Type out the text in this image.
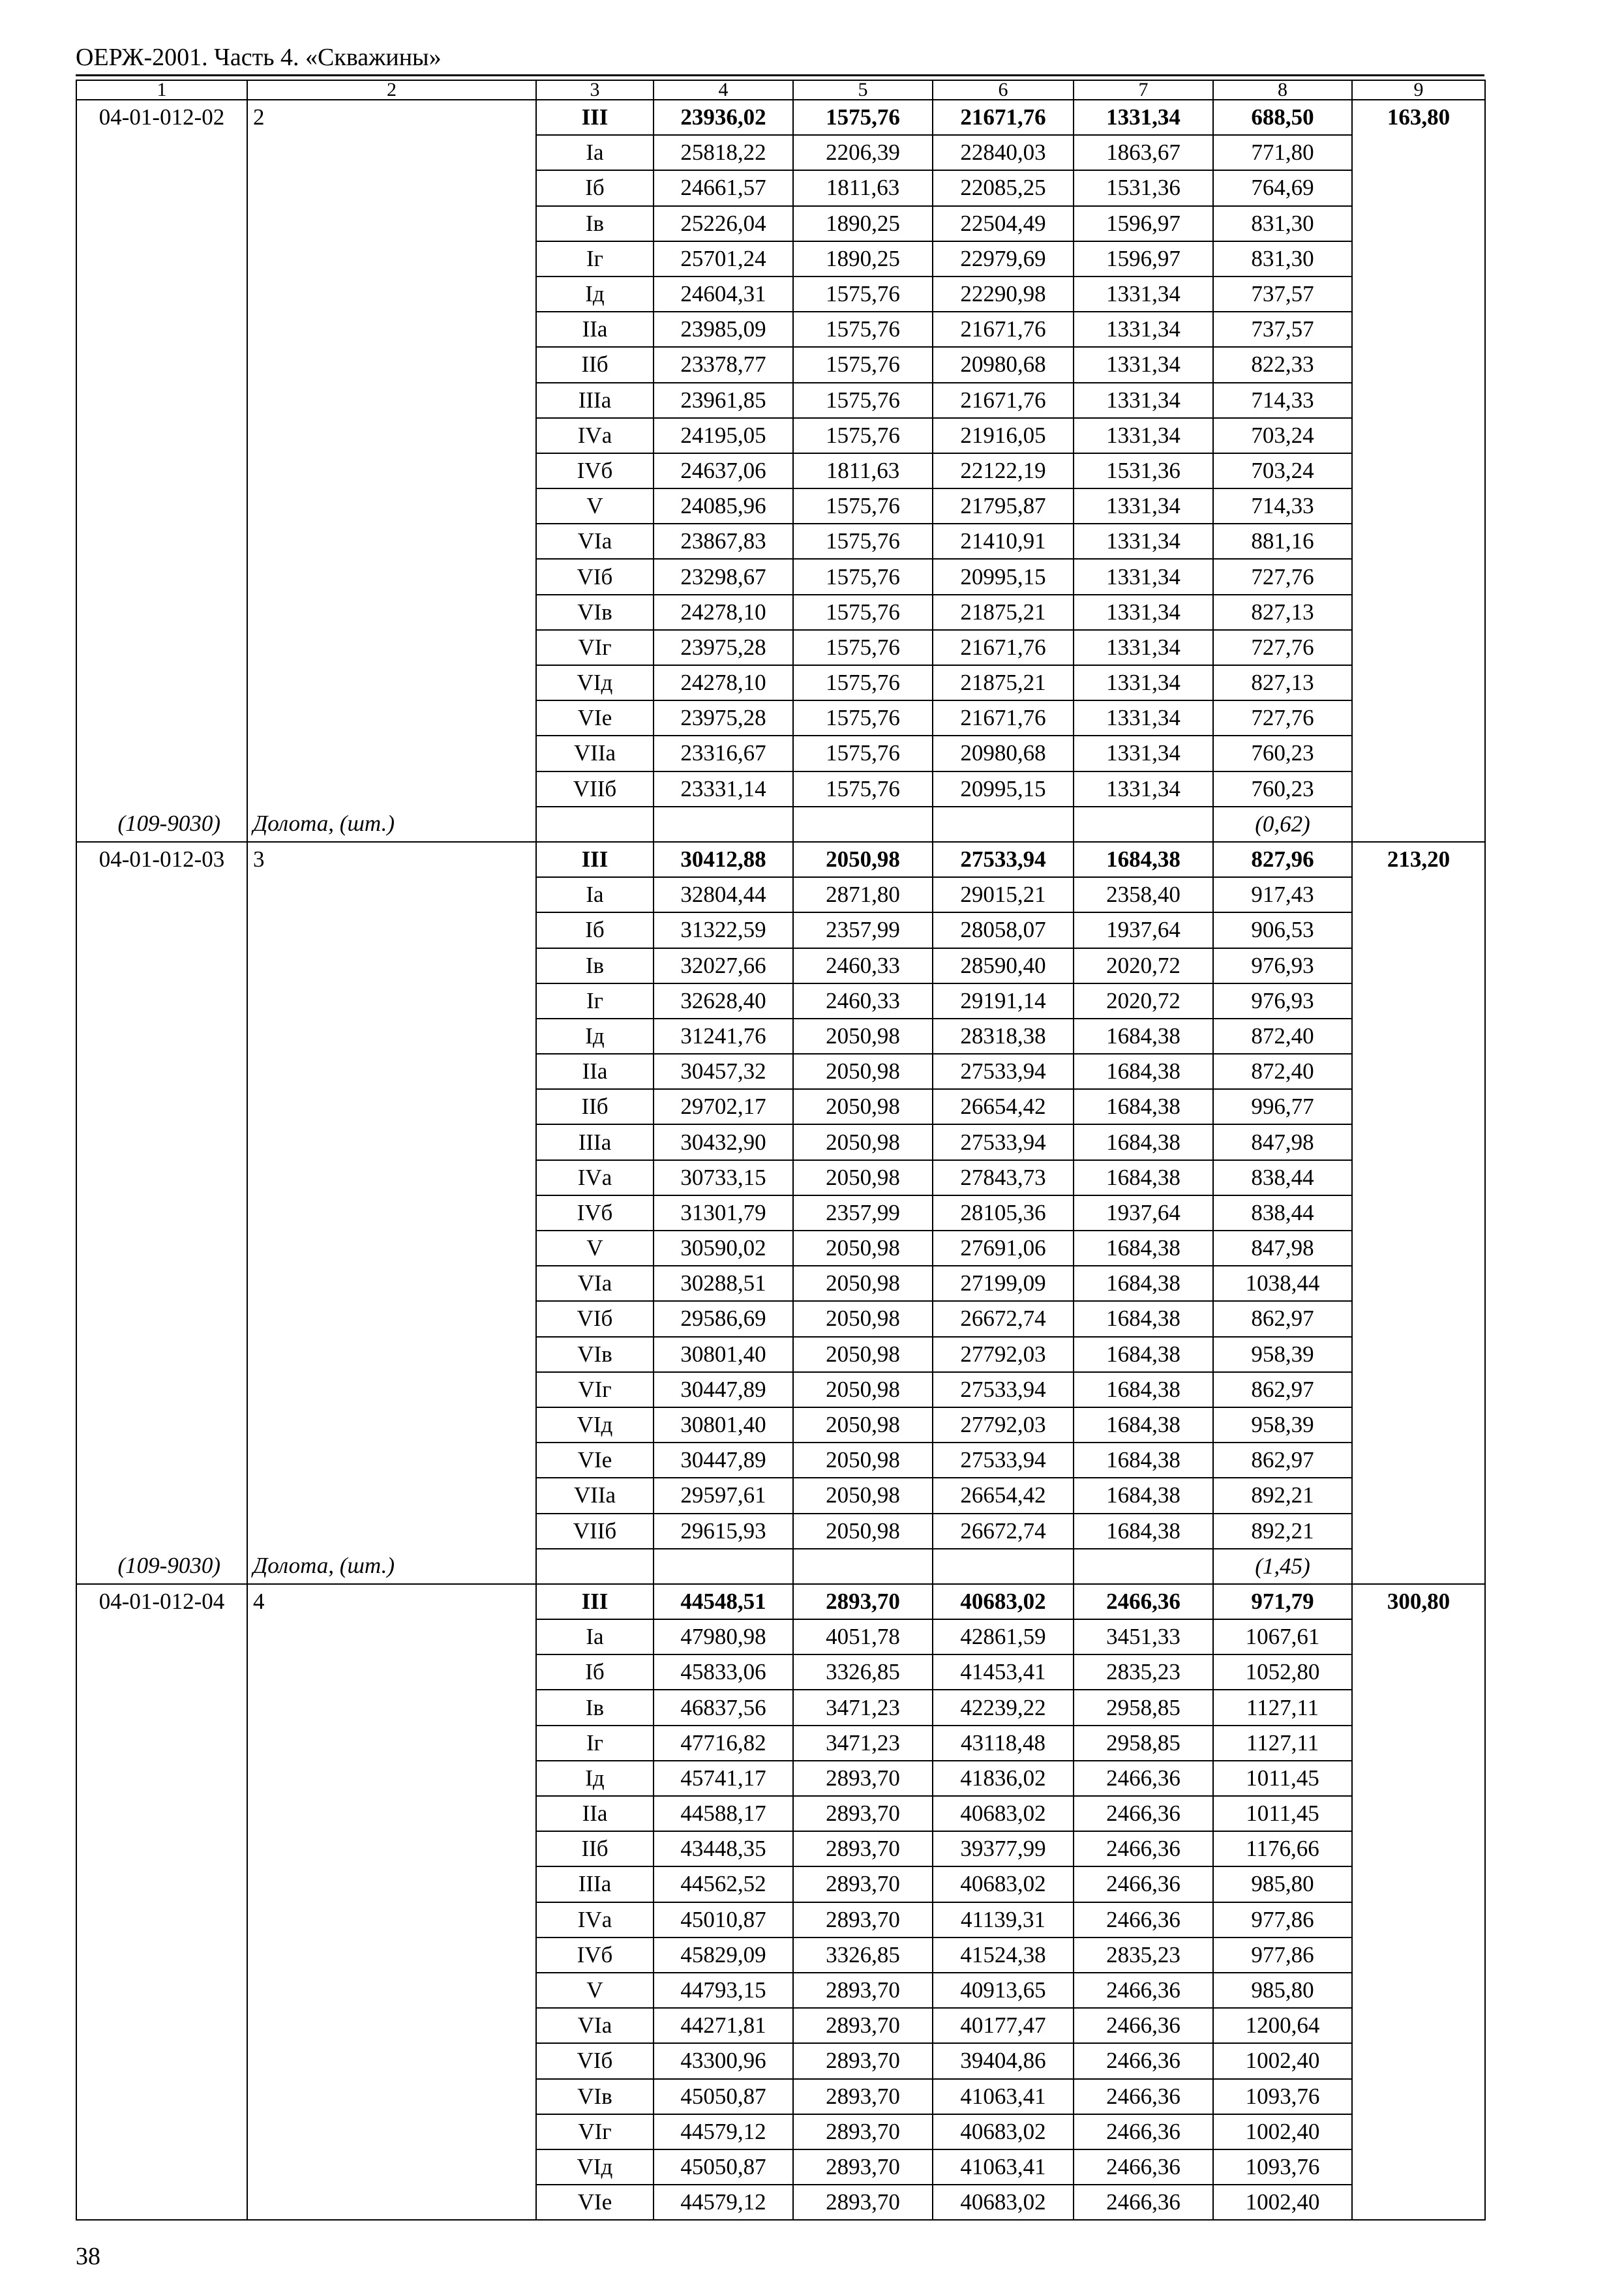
ОЕРЖ-2001. Часть 4. «Скважины»
1	2	3	4	5	6	7	8	9
04-01-012-02	2	III	23936,02	1575,76	21671,76	1331,34	688,50	163,80
		Iа	25818,22	2206,39	22840,03	1863,67	771,80	
		Iб	24661,57	1811,63	22085,25	1531,36	764,69	
		Iв	25226,04	1890,25	22504,49	1596,97	831,30	
		Iг	25701,24	1890,25	22979,69	1596,97	831,30	
		Iд	24604,31	1575,76	22290,98	1331,34	737,57	
		IIа	23985,09	1575,76	21671,76	1331,34	737,57	
		IIб	23378,77	1575,76	20980,68	1331,34	822,33	
		IIIа	23961,85	1575,76	21671,76	1331,34	714,33	
		IVа	24195,05	1575,76	21916,05	1331,34	703,24	
		IVб	24637,06	1811,63	22122,19	1531,36	703,24	
		V	24085,96	1575,76	21795,87	1331,34	714,33	
		VIа	23867,83	1575,76	21410,91	1331,34	881,16	
		VIб	23298,67	1575,76	20995,15	1331,34	727,76	
		VIв	24278,10	1575,76	21875,21	1331,34	827,13	
		VIг	23975,28	1575,76	21671,76	1331,34	727,76	
		VIд	24278,10	1575,76	21875,21	1331,34	827,13	
		VIе	23975,28	1575,76	21671,76	1331,34	727,76	
		VIIа	23316,67	1575,76	20980,68	1331,34	760,23	
		VIIб	23331,14	1575,76	20995,15	1331,34	760,23	
(109-9030)	Долота, (шт.)						(0,62)	
04-01-012-03	3	III	30412,88	2050,98	27533,94	1684,38	827,96	213,20
		Iа	32804,44	2871,80	29015,21	2358,40	917,43	
		Iб	31322,59	2357,99	28058,07	1937,64	906,53	
		Iв	32027,66	2460,33	28590,40	2020,72	976,93	
		Iг	32628,40	2460,33	29191,14	2020,72	976,93	
		Iд	31241,76	2050,98	28318,38	1684,38	872,40	
		IIа	30457,32	2050,98	27533,94	1684,38	872,40	
		IIб	29702,17	2050,98	26654,42	1684,38	996,77	
		IIIа	30432,90	2050,98	27533,94	1684,38	847,98	
		IVа	30733,15	2050,98	27843,73	1684,38	838,44	
		IVб	31301,79	2357,99	28105,36	1937,64	838,44	
		V	30590,02	2050,98	27691,06	1684,38	847,98	
		VIа	30288,51	2050,98	27199,09	1684,38	1038,44	
		VIб	29586,69	2050,98	26672,74	1684,38	862,97	
		VIв	30801,40	2050,98	27792,03	1684,38	958,39	
		VIг	30447,89	2050,98	27533,94	1684,38	862,97	
		VIд	30801,40	2050,98	27792,03	1684,38	958,39	
		VIе	30447,89	2050,98	27533,94	1684,38	862,97	
		VIIа	29597,61	2050,98	26654,42	1684,38	892,21	
		VIIб	29615,93	2050,98	26672,74	1684,38	892,21	
(109-9030)	Долота, (шт.)						(1,45)	
04-01-012-04	4	III	44548,51	2893,70	40683,02	2466,36	971,79	300,80
		Iа	47980,98	4051,78	42861,59	3451,33	1067,61	
		Iб	45833,06	3326,85	41453,41	2835,23	1052,80	
		Iв	46837,56	3471,23	42239,22	2958,85	1127,11	
		Iг	47716,82	3471,23	43118,48	2958,85	1127,11	
		Iд	45741,17	2893,70	41836,02	2466,36	1011,45	
		IIа	44588,17	2893,70	40683,02	2466,36	1011,45	
		IIб	43448,35	2893,70	39377,99	2466,36	1176,66	
		IIIа	44562,52	2893,70	40683,02	2466,36	985,80	
		IVа	45010,87	2893,70	41139,31	2466,36	977,86	
		IVб	45829,09	3326,85	41524,38	2835,23	977,86	
		V	44793,15	2893,70	40913,65	2466,36	985,80	
		VIа	44271,81	2893,70	40177,47	2466,36	1200,64	
		VIб	43300,96	2893,70	39404,86	2466,36	1002,40	
		VIв	45050,87	2893,70	41063,41	2466,36	1093,76	
		VIг	44579,12	2893,70	40683,02	2466,36	1002,40	
		VIд	45050,87	2893,70	41063,41	2466,36	1093,76	
		VIе	44579,12	2893,70	40683,02	2466,36	1002,40	
38
